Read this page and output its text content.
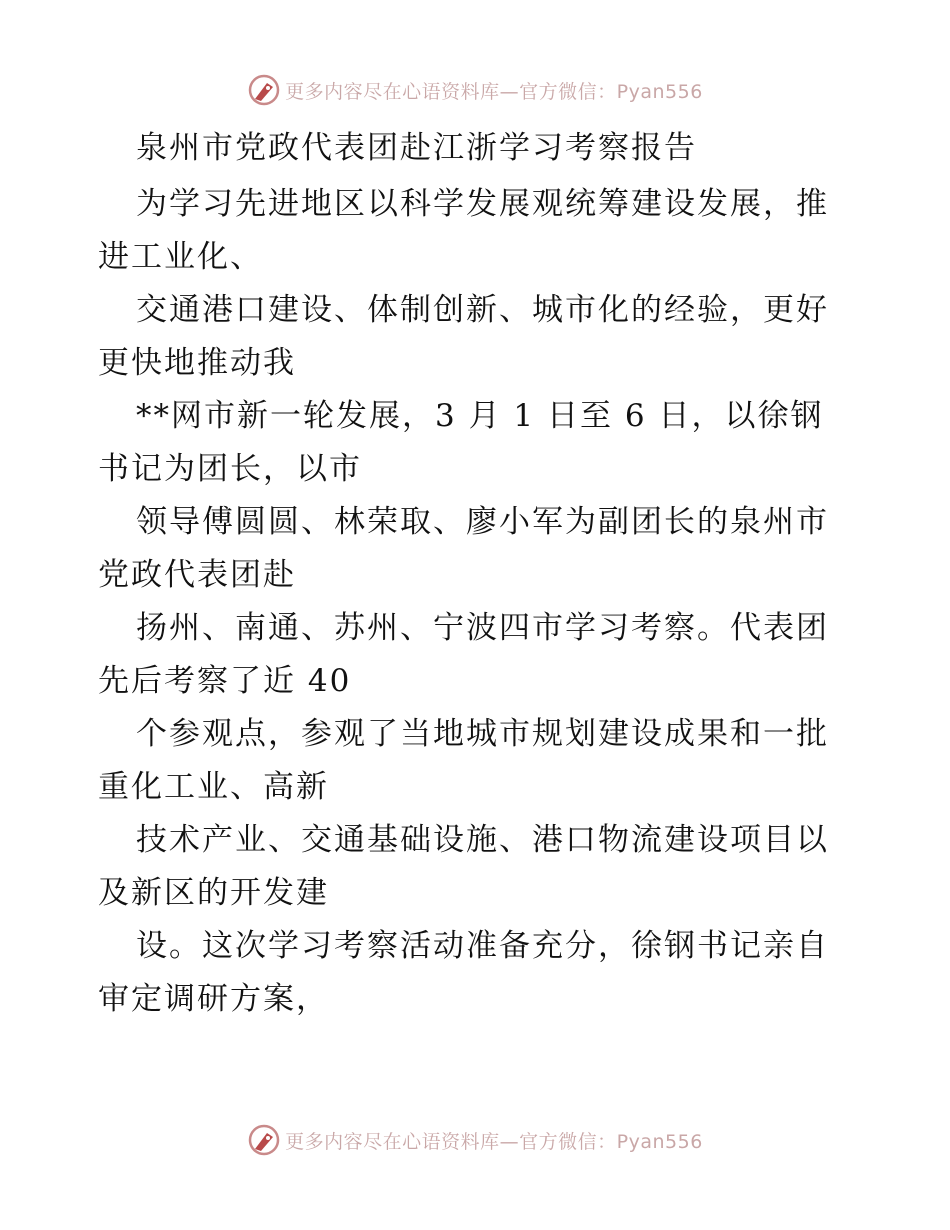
更多内容尽在心语资料库—官方微信：Pyan556

泉州市党政代表团赴江浙学习考察报告

为学习先进地区以科学发展观统筹建设发展，推

进工业化、

交通港口建设、体制创新、城市化的经验，更好

更快地推动我

**网市新一轮发展，3 月 1 日至 6 日，以徐钢

书记为团长，以市

领导傅圆圆、林荣取、廖小军为副团长的泉州市

党政代表团赴

扬州、南通、苏州、宁波四市学习考察。代表团

先后考察了近 40

个参观点，参观了当地城市规划建设成果和一批

重化工业、高新

技术产业、交通基础设施、港口物流建设项目以

及新区的开发建

设。这次学习考察活动准备充分，徐钢书记亲自

审定调研方案，

更多内容尽在心语资料库—官方微信：Pyan556
